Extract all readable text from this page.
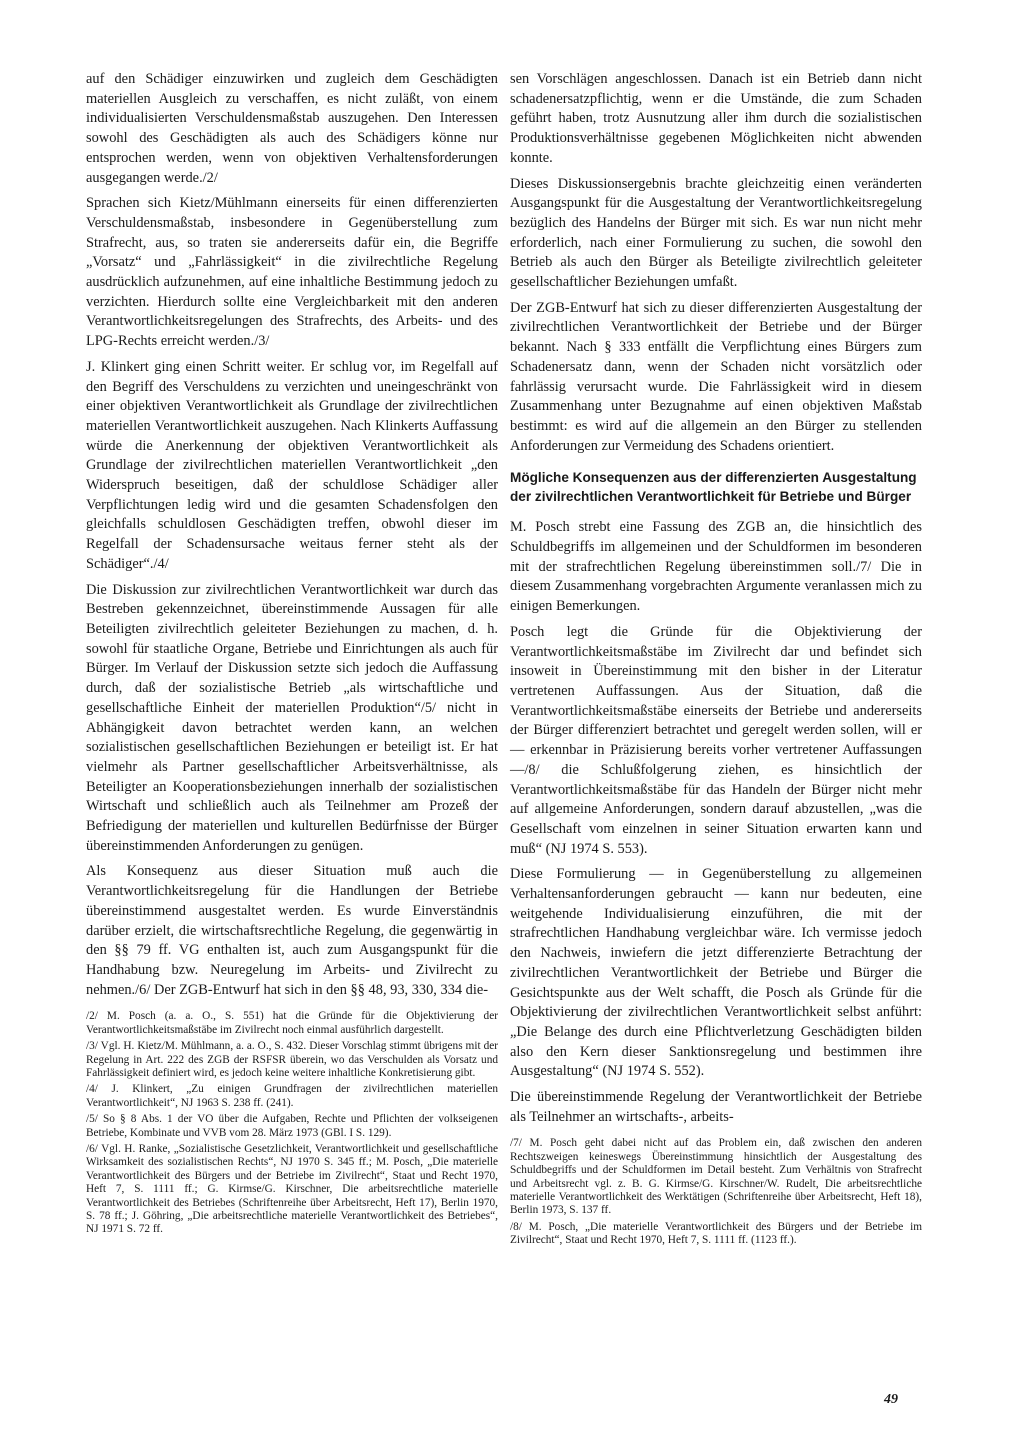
auf den Schädiger einzuwirken und zugleich dem Geschädigten materiellen Ausgleich zu verschaffen, es nicht zuläßt, von einem individualisierten Verschuldensmaßstab auszugehen. Den Interessen sowohl des Geschädigten als auch des Schädigers könne nur entsprochen werden, wenn von objektiven Verhaltensforderungen ausgegangen werde./2/

Sprachen sich Kietz/Mühlmann einerseits für einen differenzierten Verschuldensmaßstab, insbesondere in Gegenüberstellung zum Strafrecht, aus, so traten sie andererseits dafür ein, die Begriffe „Vorsatz“ und „Fahrlässigkeit“ in die zivilrechtliche Regelung ausdrücklich aufzunehmen, auf eine inhaltliche Bestimmung jedoch zu verzichten. Hierdurch sollte eine Vergleichbarkeit mit den anderen Verantwortlichkeitsregelungen des Strafrechts, des Arbeits- und des LPG-Rechts erreicht werden./3/

J. Klinkert ging einen Schritt weiter. Er schlug vor, im Regelfall auf den Begriff des Verschuldens zu verzichten und uneingeschränkt von einer objektiven Verantwortlichkeit als Grundlage der zivilrechtlichen materiellen Verantwortlichkeit auszugehen. Nach Klinkerts Auffassung würde die Anerkennung der objektiven Verantwortlichkeit als Grundlage der zivilrechtlichen materiellen Verantwortlichkeit „den Widerspruch beseitigen, daß der schuldlose Schädiger aller Verpflichtungen ledig wird und die gesamten Schadensfolgen den gleichfalls schuldlosen Geschädigten treffen, obwohl dieser im Regelfall der Schadensursache weitaus ferner steht als der Schädiger“./4/

Die Diskussion zur zivilrechtlichen Verantwortlichkeit war durch das Bestreben gekennzeichnet, übereinstimmende Aussagen für alle Beteiligten zivilrechtlich geleiteter Beziehungen zu machen, d. h. sowohl für staatliche Organe, Betriebe und Einrichtungen als auch für Bürger. Im Verlauf der Diskussion setzte sich jedoch die Auffassung durch, daß der sozialistische Betrieb „als wirtschaftliche und gesellschaftliche Einheit der materiellen Produktion“/5/ nicht in Abhängigkeit davon betrachtet werden kann, an welchen sozialistischen gesellschaftlichen Beziehungen er beteiligt ist. Er hat vielmehr als Partner gesellschaftlicher Arbeitsverhältnisse, als Beteiligter an Kooperationsbeziehungen innerhalb der sozialistischen Wirtschaft und schließlich auch als Teilnehmer am Prozeß der Befriedigung der materiellen und kulturellen Bedürfnisse der Bürger übereinstimmenden Anforderungen zu genügen.

Als Konsequenz aus dieser Situation muß auch die Verantwortlichkeitsregelung für die Handlungen der Betriebe übereinstimmend ausgestaltet werden. Es wurde Einverständnis darüber erzielt, die wirtschaftsrechtliche Regelung, die gegenwärtig in den §§ 79 ff. VG enthalten ist, auch zum Ausgangspunkt für die Handhabung bzw. Neuregelung im Arbeits- und Zivilrecht zu nehmen./6/ Der ZGB-Entwurf hat sich in den §§ 48, 93, 330, 334 die-

/2/ M. Posch (a. a. O., S. 551) hat die Gründe für die Objektivierung der Verantwortlichkeitsmaßstäbe im Zivilrecht noch einmal ausführlich dargestellt.

/3/ Vgl. H. Kietz/M. Mühlmann, a. a. O., S. 432. Dieser Vorschlag stimmt übrigens mit der Regelung in Art. 222 des ZGB der RSFSR überein, wo das Verschulden als Vorsatz und Fahrlässigkeit definiert wird, es jedoch keine weitere inhaltliche Konkretisierung gibt.

/4/ J. Klinkert, „Zu einigen Grundfragen der zivilrechtlichen materiellen Verantwortlichkeit“, NJ 1963 S. 238 ff. (241).

/5/ So § 8 Abs. 1 der VO über die Aufgaben, Rechte und Pflichten der volkseigenen Betriebe, Kombinate und VVB vom 28. März 1973 (GBl. I S. 129).

/6/ Vgl. H. Ranke, „Sozialistische Gesetzlichkeit, Verantwortlichkeit und gesellschaftliche Wirksamkeit des sozialistischen Rechts“, NJ 1970 S. 345 ff.; M. Posch, „Die materielle Verantwortlichkeit des Bürgers und der Betriebe im Zivilrecht“, Staat und Recht 1970, Heft 7, S. 1111 ff.; G. Kirmse/G. Kirschner, Die arbeitsrechtliche materielle Verantwortlichkeit des Betriebes (Schriftenreihe über Arbeitsrecht, Heft 17), Berlin 1970, S. 78 ff.; J. Göhring, „Die arbeitsrechtliche materielle Verantwortlichkeit des Betriebes“, NJ 1971 S. 72 ff.

sen Vorschlägen angeschlossen. Danach ist ein Betrieb dann nicht schadenersatzpflichtig, wenn er die Umstände, die zum Schaden geführt haben, trotz Ausnutzung aller ihm durch die sozialistischen Produktionsverhältnisse gegebenen Möglichkeiten nicht abwenden konnte.

Dieses Diskussionsergebnis brachte gleichzeitig einen veränderten Ausgangspunkt für die Ausgestaltung der Verantwortlichkeitsregelung bezüglich des Handelns der Bürger mit sich. Es war nun nicht mehr erforderlich, nach einer Formulierung zu suchen, die sowohl den Betrieb als auch den Bürger als Beteiligte zivilrechtlich geleiteter gesellschaftlicher Beziehungen umfaßt.

Der ZGB-Entwurf hat sich zu dieser differenzierten Ausgestaltung der zivilrechtlichen Verantwortlichkeit der Betriebe und der Bürger bekannt. Nach § 333 entfällt die Verpflichtung eines Bürgers zum Schadenersatz dann, wenn der Schaden nicht vorsätzlich oder fahrlässig verursacht wurde. Die Fahrlässigkeit wird in diesem Zusammenhang unter Bezugnahme auf einen objektiven Maßstab bestimmt: es wird auf die allgemein an den Bürger zu stellenden Anforderungen zur Vermeidung des Schadens orientiert.

Mögliche Konsequenzen aus der differenzierten Ausgestaltung der zivilrechtlichen Verantwortlichkeit für Betriebe und Bürger

M. Posch strebt eine Fassung des ZGB an, die hinsichtlich des Schuldbegriffs im allgemeinen und der Schuldformen im besonderen mit der strafrechtlichen Regelung übereinstimmen soll./7/ Die in diesem Zusammenhang vorgebrachten Argumente veranlassen mich zu einigen Bemerkungen.

Posch legt die Gründe für die Objektivierung der Verantwortlichkeitsmaßstäbe im Zivilrecht dar und befindet sich insoweit in Übereinstimmung mit den bisher in der Literatur vertretenen Auffassungen. Aus der Situation, daß die Verantwortlichkeitsmaßstäbe einerseits der Betriebe und andererseits der Bürger differenziert betrachtet und geregelt werden sollen, will er — erkennbar in Präzisierung bereits vorher vertretener Auffassungen —/8/ die Schlußfolgerung ziehen, es hinsichtlich der Verantwortlichkeitsmaßstäbe für das Handeln der Bürger nicht mehr auf allgemeine Anforderungen, sondern darauf abzustellen, „was die Gesellschaft vom einzelnen in seiner Situation erwarten kann und muß“ (NJ 1974 S. 553).

Diese Formulierung — in Gegenüberstellung zu allgemeinen Verhaltensanforderungen gebraucht — kann nur bedeuten, eine weitgehende Individualisierung einzuführen, die mit der strafrechtlichen Handhabung vergleichbar wäre. Ich vermisse jedoch den Nachweis, inwiefern die jetzt differenzierte Betrachtung der zivilrechtlichen Verantwortlichkeit der Betriebe und Bürger die Gesichtspunkte aus der Welt schafft, die Posch als Gründe für die Objektivierung der zivilrechtlichen Verantwortlichkeit selbst anführt: „Die Belange des durch eine Pflichtverletzung Geschädigten bilden also den Kern dieser Sanktionsregelung und bestimmen ihre Ausgestaltung“ (NJ 1974 S. 552).

Die übereinstimmende Regelung der Verantwortlichkeit der Betriebe als Teilnehmer an wirtschafts-, arbeits-

/7/ M. Posch geht dabei nicht auf das Problem ein, daß zwischen den anderen Rechtszweigen keineswegs Übereinstimmung hinsichtlich der Ausgestaltung des Schuldbegriffs und der Schuldformen im Detail besteht. Zum Verhältnis von Strafrecht und Arbeitsrecht vgl. z. B. G. Kirmse/G. Kirschner/W. Rudelt, Die arbeitsrechtliche materielle Verantwortlichkeit des Werktätigen (Schriftenreihe über Arbeitsrecht, Heft 18), Berlin 1973, S. 137 ff.

/8/ M. Posch, „Die materielle Verantwortlichkeit des Bürgers und der Betriebe im Zivilrecht“, Staat und Recht 1970, Heft 7, S. 1111 ff. (1123 ff.).

49
